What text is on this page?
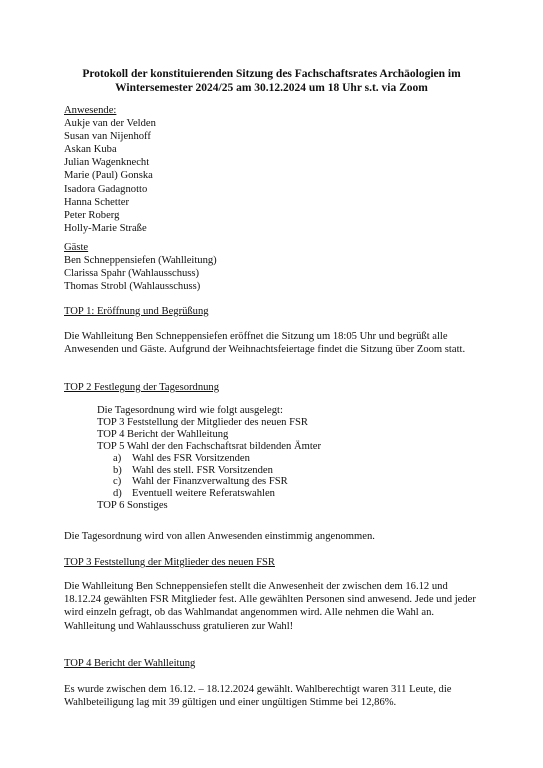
Protokoll der konstituierenden Sitzung des Fachschaftsrates Archäologien im
Wintersemester 2024/25 am 30.12.2024 um 18 Uhr s.t. via Zoom
Anwesende:
Aukje van der Velden
Susan van Nijenhoff
Askan Kuba
Julian Wagenknecht
Marie (Paul) Gonska
Isadora Gadagnotto
Hanna Schetter
Peter Roberg
Holly-Marie Straße
Gäste
Ben Schneppensiefen (Wahlleitung)
Clarissa Spahr (Wahlausschuss)
Thomas Strobl (Wahlausschuss)
TOP 1: Eröffnung und Begrüßung
Die Wahlleitung Ben Schneppensiefen eröffnet die Sitzung um 18:05 Uhr und begrüßt alle Anwesenden und Gäste. Aufgrund der Weihnachtsfeiertage findet die Sitzung über Zoom statt.
TOP 2 Festlegung der Tagesordnung
Die Tagesordnung wird wie folgt ausgelegt:
TOP 3 Feststellung der Mitglieder des neuen FSR
TOP 4 Bericht der Wahlleitung
TOP 5 Wahl der den Fachschaftsrat bildenden Ämter
a) Wahl des FSR Vorsitzenden
b) Wahl des stell. FSR Vorsitzenden
c) Wahl der Finanzverwaltung des FSR
d) Eventuell weitere Referatswahlen
TOP 6 Sonstiges
Die Tagesordnung wird von allen Anwesenden einstimmig angenommen.
TOP 3 Feststellung der Mitglieder des neuen FSR
Die Wahlleitung Ben Schneppensiefen stellt die Anwesenheit der zwischen dem 16.12 und 18.12.24 gewählten FSR Mitglieder fest. Alle gewählten Personen sind anwesend. Jede und jeder wird einzeln gefragt, ob das Wahlmandat angenommen wird. Alle nehmen die Wahl an. Wahlleitung und Wahlausschuss gratulieren zur Wahl!
TOP 4 Bericht der Wahlleitung
Es wurde zwischen dem 16.12. – 18.12.2024 gewählt. Wahlberechtigt waren 311 Leute, die Wahlbeteiligung lag mit 39 gültigen und einer ungültigen Stimme bei 12,86%.
